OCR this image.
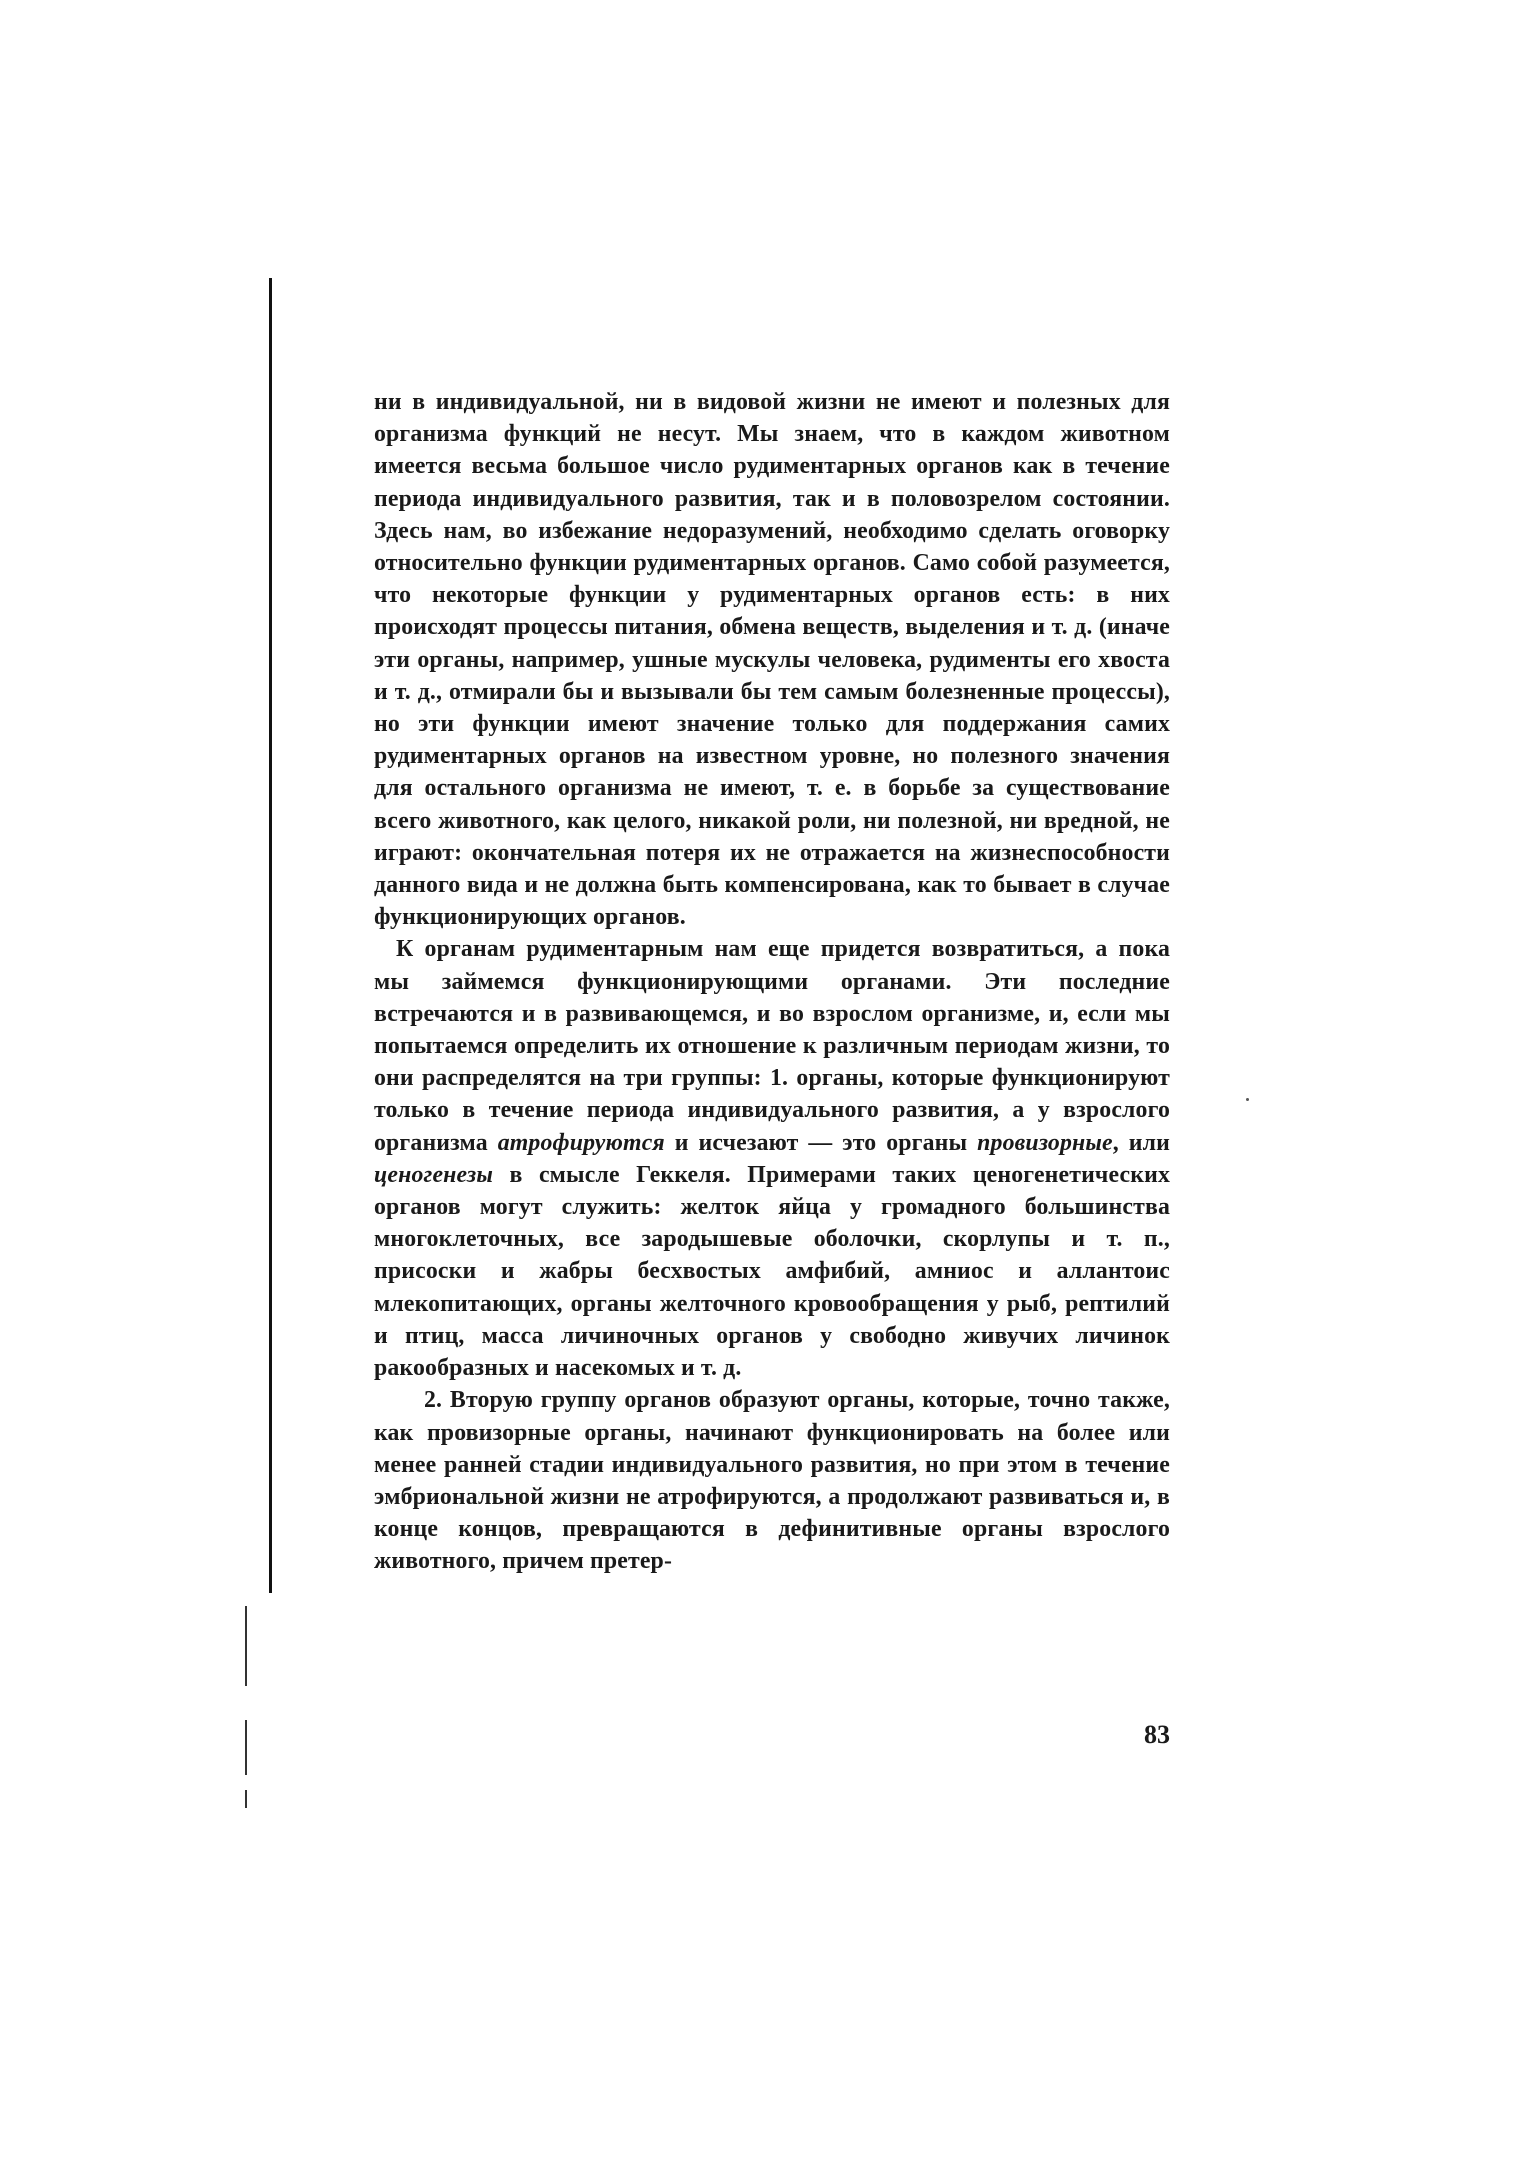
ни в индивидуальной, ни в видовой жизни не имеют и полезных для организма функций не несут. Мы знаем, что в каждом животном имеется весьма большое число рудиментарных органов как в течение периода индивидуального развития, так и в половозрелом состоянии. Здесь нам, во избежание недоразумений, необходимо сделать оговорку относительно функции рудиментарных органов. Само собой разумеется, что некоторые функции у рудиментарных органов есть: в них происходят процессы питания, обмена веществ, выделения и т. д. (иначе эти органы, например, ушные мускулы человека, рудименты его хвоста и т. д., отмирали бы и вызывали бы тем самым болезненные процессы), но эти функции имеют значение только для поддержания самих рудиментарных органов на известном уровне, но полезного значения для остального организма не имеют, т. е. в борьбе за существование всего животного, как целого, никакой роли, ни полезной, ни вредной, не играют: окончательная потеря их не отражается на жизнеспособности данного вида и не должна быть компенсирована, как то бывает в случае функционирующих органов.

К органам рудиментарным нам еще придется возвратиться, а пока мы займемся функционирующими органами. Эти последние встречаются и в развивающемся, и во взрослом организме, и, если мы попытаемся определить их отношение к различным периодам жизни, то они распределятся на три группы: 1. органы, которые функционируют только в течение периода индивидуального развития, а у взрослого организма атрофируются и исчезают — это органы провизорные, или ценогенезы в смысле Геккеля. Примерами таких ценогенетических органов могут служить: желток яйца у громадного большинства многоклеточных, все зародышевые оболочки, скорлупы и т. п., присоски и жабры бесхвостых амфибий, амниос и аллантоис млекопитающих, органы желточного кровообращения у рыб, рептилий и птиц, масса личиночных органов у свободно живучих личинок ракообразных и насекомых и т. д.

2. Вторую группу органов образуют органы, которые, точно также, как провизорные органы, начинают функционировать на более или менее ранней стадии индивидуального развития, но при этом в течение эмбриональной жизни не атрофируются, а продолжают развиваться и, в конце концов, превращаются в дефинитивные органы взрослого животного, причем претер-

83
